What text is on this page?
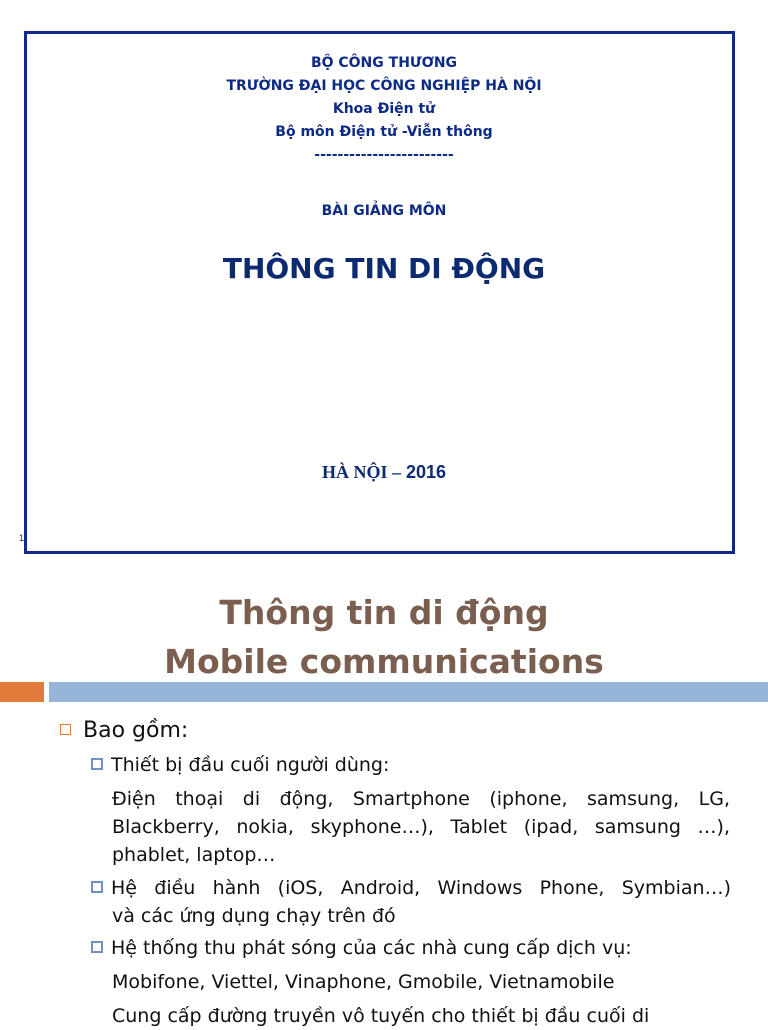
1
BỘ CÔNG THƯƠNG
TRƯỜNG ĐẠI HỌC CÔNG NGHIỆP HÀ NỘI
Khoa Điện tử
Bộ môn Điện tử -Viễn thông
------------------------
BÀI GIẢNG MÔN
THÔNG TIN DI ĐỘNG
HÀ NỘI – 2016
Thông tin di động
Mobile communications
Bao gồm:
Thiết bị đầu cuối người dùng:
Điện thoại di động, Smartphone (iphone, samsung, LG, Blackberry, nokia, skyphone…), Tablet (ipad, samsung …), phablet, laptop…
Hệ điều hành (iOS, Android, Windows Phone, Symbian…)
và các ứng dụng chạy trên đó
Hệ thống thu phát sóng của các nhà cung cấp dịch vụ:
Mobifone, Viettel, Vinaphone, Gmobile, Vietnamobile
Cung cấp đường truyền vô tuyến cho thiết bị đầu cuối di
